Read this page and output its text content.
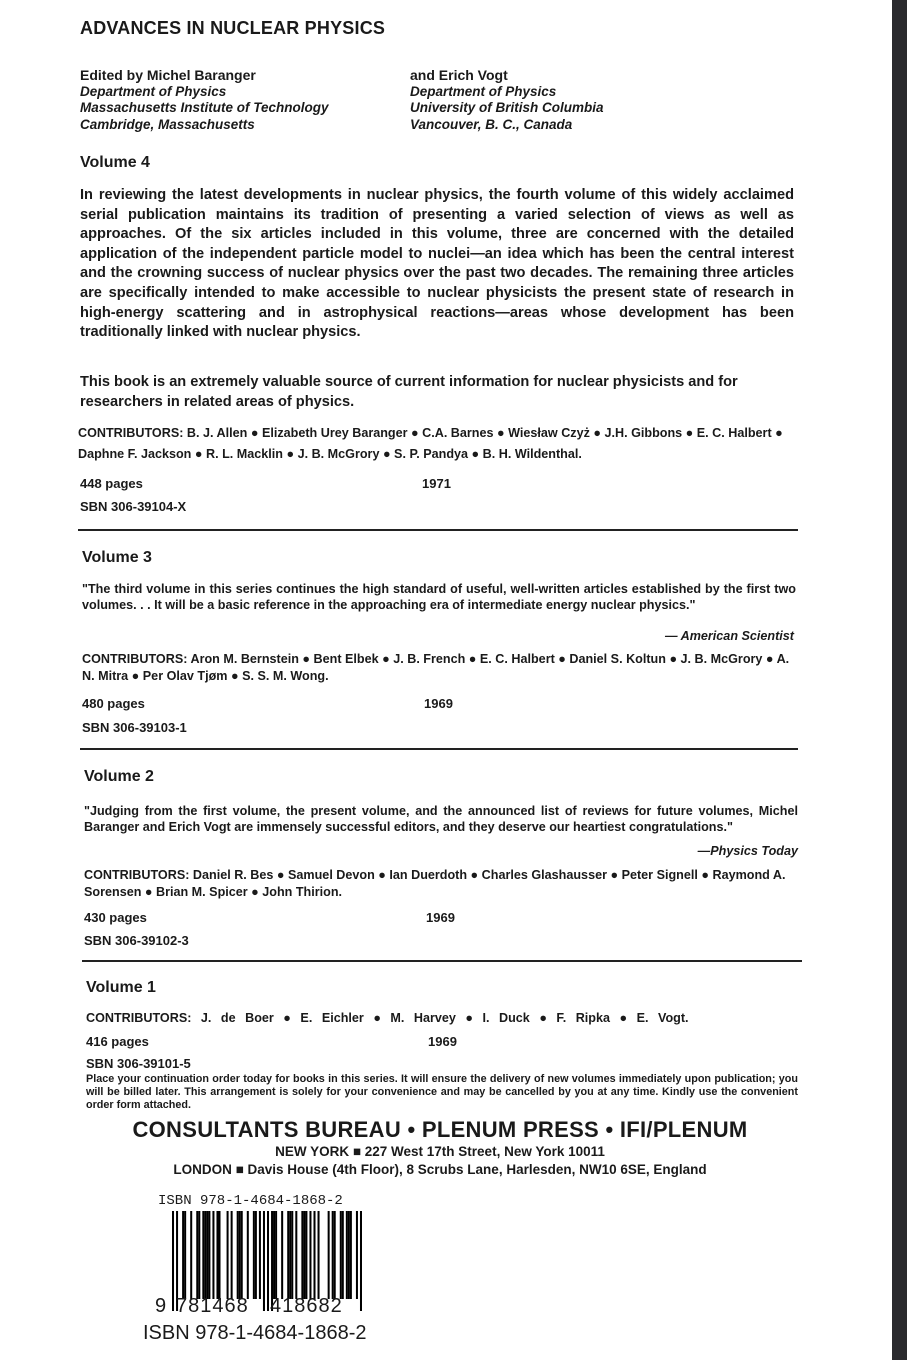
ADVANCES IN NUCLEAR PHYSICS
Edited by Michel Baranger
Department of Physics
Massachusetts Institute of Technology
Cambridge, Massachusetts
and Erich Vogt
Department of Physics
University of British Columbia
Vancouver, B. C., Canada
Volume 4
In reviewing the latest developments in nuclear physics, the fourth volume of this widely acclaimed serial publication maintains its tradition of presenting a varied selection of views as well as approaches. Of the six articles included in this volume, three are concerned with the detailed application of the independent particle model to nuclei—an idea which has been the central interest and the crowning success of nuclear physics over the past two decades. The remaining three articles are specifically intended to make accessible to nuclear physicists the present state of research in high-energy scattering and in astrophysical reactions—areas whose development has been traditionally linked with nuclear physics.
This book is an extremely valuable source of current information for nuclear physicists and for researchers in related areas of physics.
CONTRIBUTORS: B. J. Allen ● Elizabeth Urey Baranger ● C.A. Barnes ● Wiesław Czyż ● J.H. Gibbons ● E. C. Halbert ● Daphne F. Jackson ● R. L. Macklin ● J. B. McGrory ● S. P. Pandya ● B. H. Wildenthal.
448 pages	1971
SBN 306-39104-X
Volume 3
"The third volume in this series continues the high standard of useful, well-written articles established by the first two volumes. . . It will be a basic reference in the approaching era of intermediate energy nuclear physics."
— American Scientist
CONTRIBUTORS: Aron M. Bernstein ● Bent Elbek ● J. B. French ● E. C. Halbert ● Daniel S. Koltun ● J. B. McGrory ● A. N. Mitra ● Per Olav Tjøm ● S. S. M. Wong.
480 pages	1969
SBN 306-39103-1
Volume 2
"Judging from the first volume, the present volume, and the announced list of reviews for future volumes, Michel Baranger and Erich Vogt are immensely successful editors, and they deserve our heartiest congratulations."
—Physics Today
CONTRIBUTORS: Daniel R. Bes ● Samuel Devon ● Ian Duerdoth ● Charles Glashausser ● Peter Signell ● Raymond A. Sorensen ● Brian M. Spicer ● John Thirion.
430 pages	1969
SBN 306-39102-3
Volume 1
CONTRIBUTORS: J. de Boer ● E. Eichler ● M. Harvey ● I. Duck ● F. Ripka ● E. Vogt.
416 pages	1969
SBN 306-39101-5
Place your continuation order today for books in this series. It will ensure the delivery of new volumes immediately upon publication; you will be billed later. This arrangement is solely for your convenience and may be cancelled by you at any time. Kindly use the convenient order form attached.
CONSULTANTS BUREAU • PLENUM PRESS • IFI/PLENUM
NEW YORK ■ 227 West 17th Street, New York 10011
LONDON ■ Davis House (4th Floor), 8 Scrubs Lane, Harlesden, NW10 6SE, England
ISBN 978-1-4684-1868-2
9 781468 418682
ISBN 978-1-4684-1868-2
